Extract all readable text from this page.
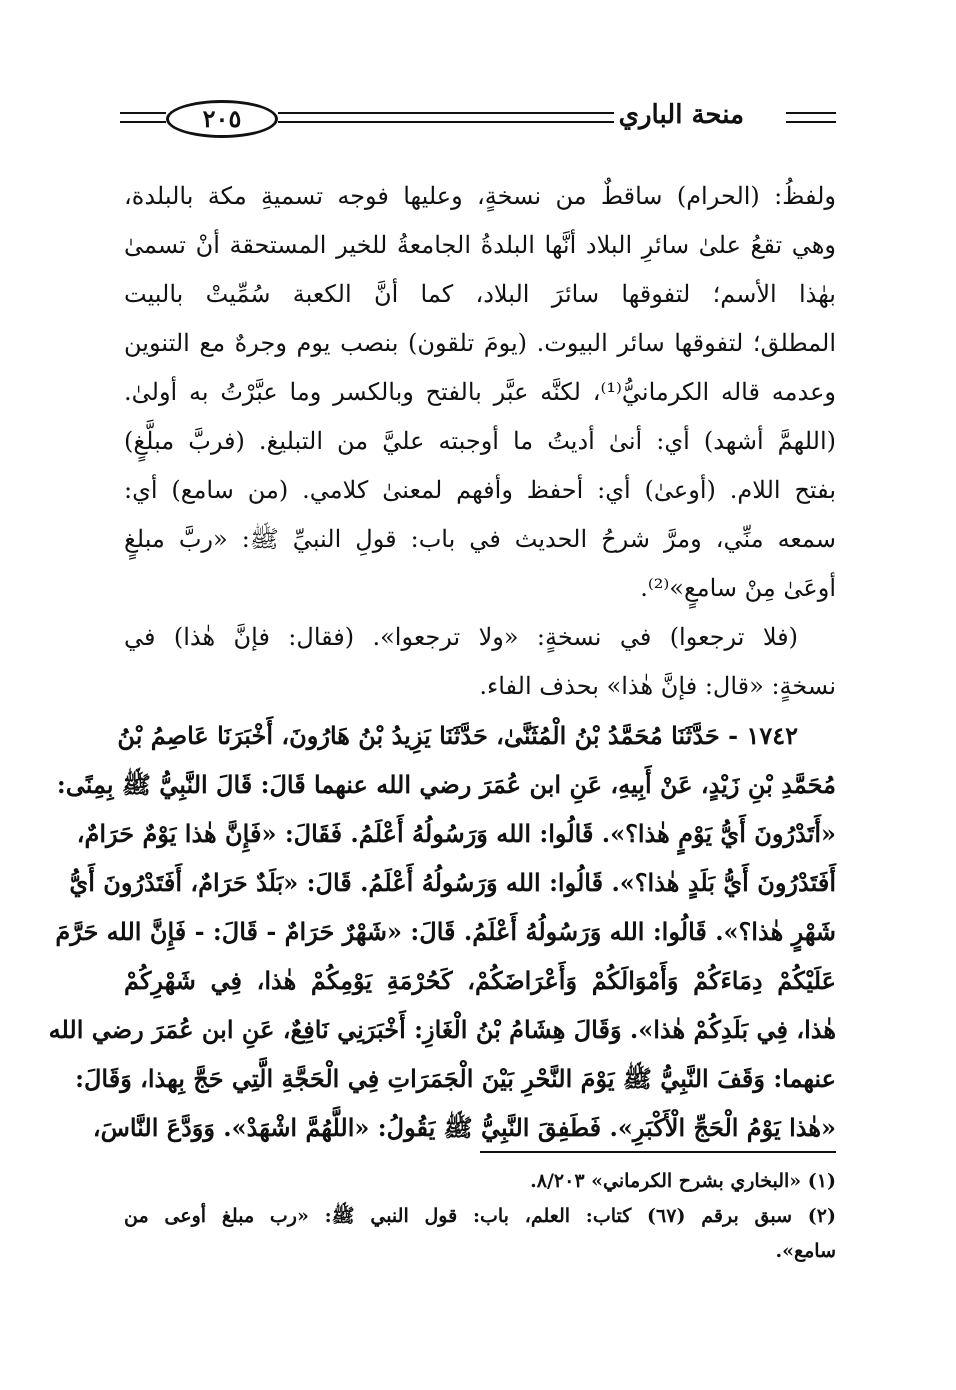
منحة الباري
٢٠٥
ولفظُ: (الحرام) ساقطٌ من نسخةٍ، وعليها فوجه تسميةِ مكة بالبلدة،
وهي تقعُ علىٰ سائرِ البلاد أنَّها البلدةُ الجامعةُ للخير المستحقة أنْ تسمىٰ
بهٰذا الأسم؛ لتفوقها سائرَ البلاد، كما أنَّ الكعبة سُمِّيتْ بالبيت
المطلق؛ لتفوقها سائر البيوت. (يومَ تلقون) بنصب يوم وجرهٌ مع التنوين
وعدمه قاله الكرمانيُّ⁽¹⁾، لكنَّه عبَّر بالفتح وبالكسر وما عبَّرْتُ به أولىٰ.
(اللهمَّ أشهد) أي: أنىٰ أديتُ ما أوجبته عليَّ من التبليغ. (فربَّ مبلَّغٍ)
بفتح اللام. (أوعىٰ) أي: أحفظ وأفهم لمعنىٰ كلامي. (من سامع) أي:
سمعه منِّي، ومرَّ شرحُ الحديث في باب: قولِ النبيِّ ﷺ: «ربَّ مبلغٍ
أوعَىٰ مِنْ سامعٍ»⁽²⁾.
(فلا ترجعوا) في نسخةٍ: «ولا ترجعوا». (فقال: فإنَّ هٰذا) في
نسخةٍ: «قال: فإنَّ هٰذا» بحذف الفاء.
١٧٤٢ - حَدَّثَنَا مُحَمَّدُ بْنُ الْمُثَنَّىٰ، حَدَّثَنَا يَزِيدُ بْنُ هَارُونَ، أَخْبَرَنَا عَاصِمُ بْنُ
مُحَمَّدِ بْنِ زَيْدٍ، عَنْ أَبِيهِ، عَنِ ابن عُمَرَ رضي الله عنهما قَالَ: قَالَ النَّبِيُّ ﷺ بِمِنًى:
«أَتَدْرُونَ أَيُّ يَوْمٍ هٰذا؟». قَالُوا: الله وَرَسُولُهُ أَعْلَمُ. فَقَالَ: «فَإِنَّ هٰذا يَوْمٌ حَرَامٌ،
أَفَتَدْرُونَ أَيُّ بَلَدٍ هٰذا؟». قَالُوا: الله وَرَسُولُهُ أَعْلَمُ. قَالَ: «بَلَدٌ حَرَامٌ، أَفَتَدْرُونَ أَيُّ
شَهْرٍ هٰذا؟». قَالُوا: الله وَرَسُولُهُ أَعْلَمُ. قَالَ: «شَهْرٌ حَرَامٌ - قَالَ: - فَإِنَّ الله حَرَّمَ
عَلَيْكُمْ دِمَاءَكُمْ وَأَمْوَالَكُمْ وَأَعْرَاضَكُمْ، كَحُرْمَةِ يَوْمِكُمْ هٰذا، فِي شَهْرِكُمْ
هٰذا، فِي بَلَدِكُمْ هٰذا». وَقَالَ هِشَامُ بْنُ الْغَازِ: أَخْبَرَنِي نَافِعٌ، عَنِ ابن عُمَرَ رضي الله
عنهما: وَقَفَ النَّبِيُّ ﷺ يَوْمَ النَّحْرِ بَيْنَ الْجَمَرَاتِ فِي الْحَجَّةِ الَّتِي حَجَّ بِهذا، وَقَالَ:
«هٰذا يَوْمُ الْحَجِّ الْأَكْبَرِ». فَطَفِقَ النَّبِيُّ ﷺ يَقُولُ: «اللَّهُمَّ اشْهَدْ». وَوَدَّعَ النَّاسَ،
(١) «البخاري بشرح الكرماني» ٨/٢٠٣.
(٢) سبق برقم (٦٧) كتاب: العلم، باب: قول النبي ﷺ: «رب مبلغ أوعى من
سامع».
